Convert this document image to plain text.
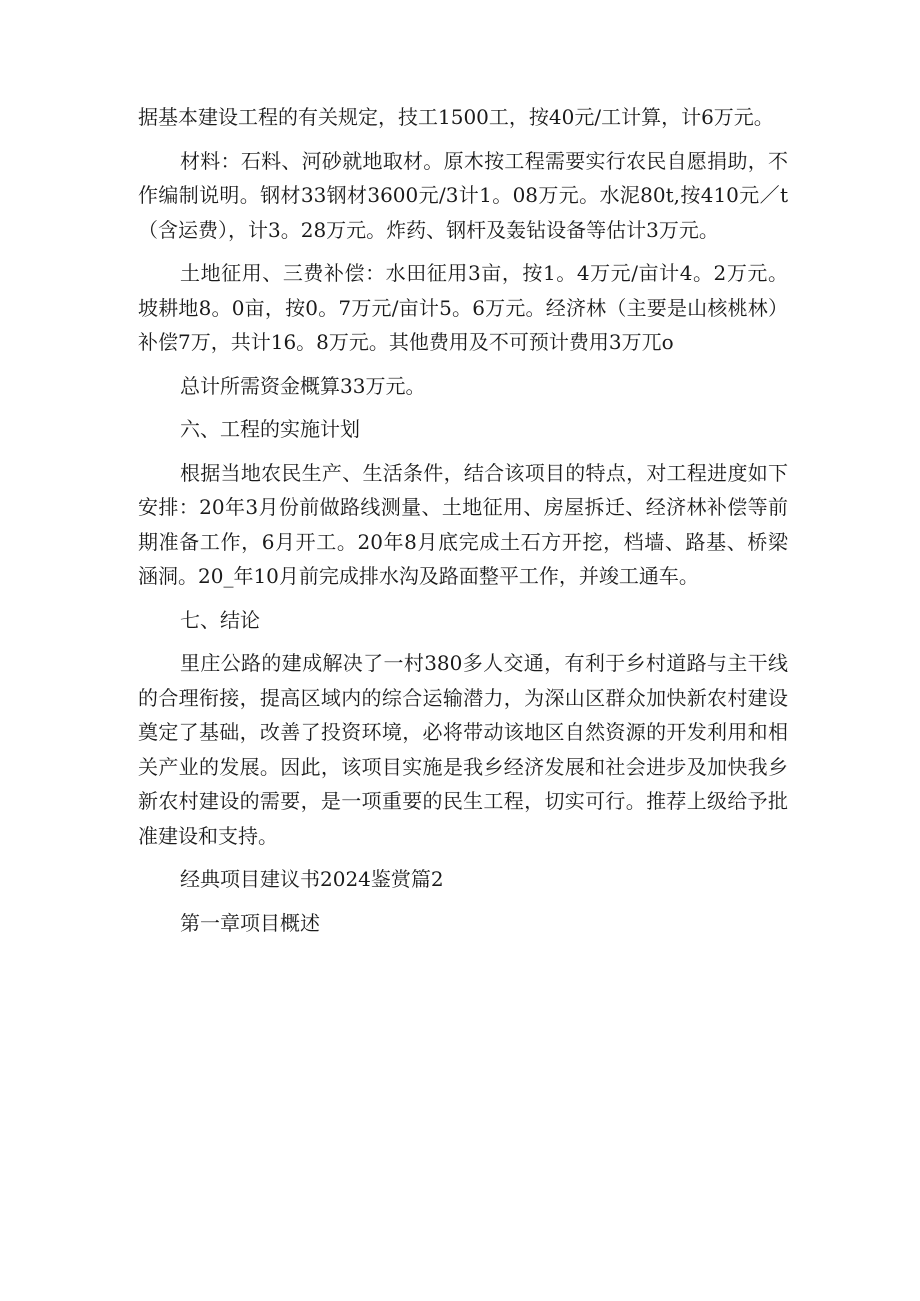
据基本建设工程的有关规定，技工1500工，按40元/工计算，计6万元。

材料：石料、河砂就地取材。原木按工程需要实行农民自愿捐助，不作编制说明。钢材33钢材3600元/3计1。08万元。水泥80t,按410元／t（含运费），计3。28万元。炸药、钢杆及轰钻设备等估计3万元。

土地征用、三费补偿：水田征用3亩，按1。4万元/亩计4。2万元。坡耕地8。0亩，按0。7万元/亩计5。6万元。经济林（主要是山核桃林）补偿7万，共计16。8万元。其他费用及不可预计费用3万兀o

总计所需资金概算33万元。

六、工程的实施计划

根据当地农民生产、生活条件，结合该项目的特点，对工程进度如下安排：20年3月份前做路线测量、土地征用、房屋拆迁、经济林补偿等前期准备工作，6月开工。20年8月底完成土石方开挖，档墙、路基、桥梁涵洞。20_年10月前完成排水沟及路面整平工作，并竣工通车。

七、结论

里庄公路的建成解决了一村380多人交通，有利于乡村道路与主干线的合理衔接，提高区域内的综合运输潜力，为深山区群众加快新农村建设奠定了基础，改善了投资环境，必将带动该地区自然资源的开发利用和相关产业的发展。因此，该项目实施是我乡经济发展和社会进步及加快我乡新农村建设的需要，是一项重要的民生工程，切实可行。推荐上级给予批准建设和支持。

经典项目建议书2024鉴赏篇2

第一章项目概述
